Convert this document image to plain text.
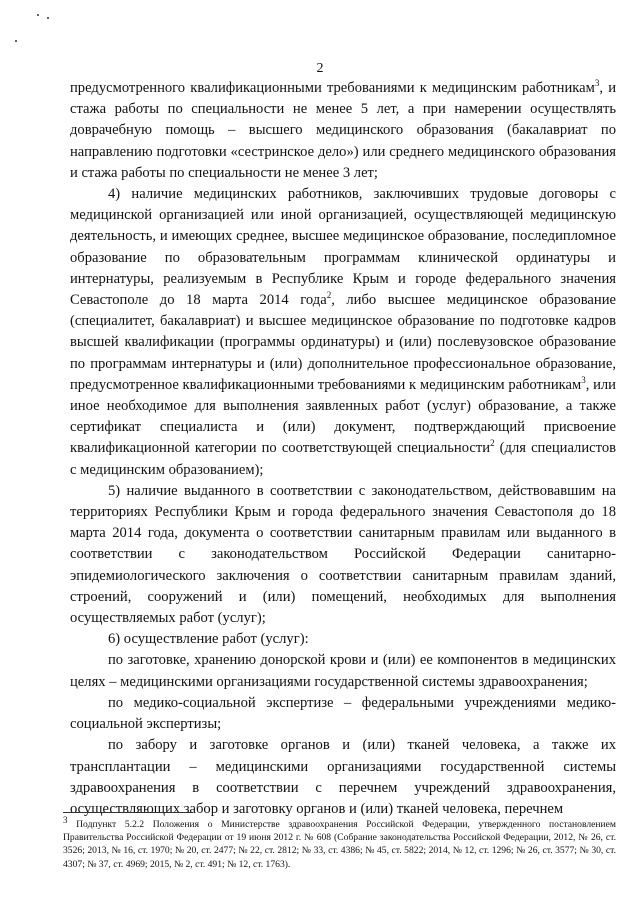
2

предусмотренного квалификационными требованиями к медицинским работникам$^3$, и стажа работы по специальности не менее 5 лет, а при намерении осуществлять доврачебную помощь – высшего медицинского образования (бакалавриат по направлению подготовки «сестринское дело») или среднего медицинского образования и стажа работы по специальности не менее 3 лет;

4) наличие медицинских работников, заключивших трудовые договоры с медицинской организацией или иной организацией, осуществляющей медицинскую деятельность, и имеющих среднее, высшее медицинское образование, последипломное образование по образовательным программам клинической ординатуры и интернатуры, реализуемым в Республике Крым и городе федерального значения Севастополе до 18 марта 2014 года$^2$, либо высшее медицинское образование (специалитет, бакалавриат) и высшее медицинское образование по подготовке кадров высшей квалификации (программы ординатуры) и (или) послевузовское образование по программам интернатуры и (или) дополнительное профессиональное образование, предусмотренное квалификационными требованиями к медицинским работникам$^3$, или иное необходимое для выполнения заявленных работ (услуг) образование, а также сертификат специалиста и (или) документ, подтверждающий присвоение квалификационной категории по соответствующей специальности$^2$ (для специалистов с медицинским образованием);

5) наличие выданного в соответствии с законодательством, действовавшим на территориях Республики Крым и города федерального значения Севастополя до 18 марта 2014 года, документа о соответствии санитарным правилам или выданного в соответствии с законодательством Российской Федерации санитарно-эпидемиологического заключения о соответствии санитарным правилам зданий, строений, сооружений и (или) помещений, необходимых для выполнения осуществляемых работ (услуг);

6) осуществление работ (услуг):

по заготовке, хранению донорской крови и (или) ее компонентов в медицинских целях – медицинскими организациями государственной системы здравоохранения;

по медико-социальной экспертизе – федеральными учреждениями медико-социальной экспертизы;

по забору и заготовке органов и (или) тканей человека, а также их трансплантации – медицинскими организациями государственной системы здравоохранения в соответствии с перечнем учреждений здравоохранения, осуществляющих забор и заготовку органов и (или) тканей человека, перечнем

$^3$ Подпункт 5.2.2 Положения о Министерстве здравоохранения Российской Федерации, утвержденного постановлением Правительства Российской Федерации от 19 июня 2012 г. № 608 (Собрание законодательства Российской Федерации, 2012, № 26, ст. 3526; 2013, № 16, ст. 1970; № 20, ст. 2477; № 22, ст. 2812; № 33, ст. 4386; № 45, ст. 5822; 2014, № 12, ст. 1296; № 26, ст. 3577; № 30, ст. 4307; № 37, ст. 4969; 2015, № 2, ст. 491; № 12, ст. 1763).
